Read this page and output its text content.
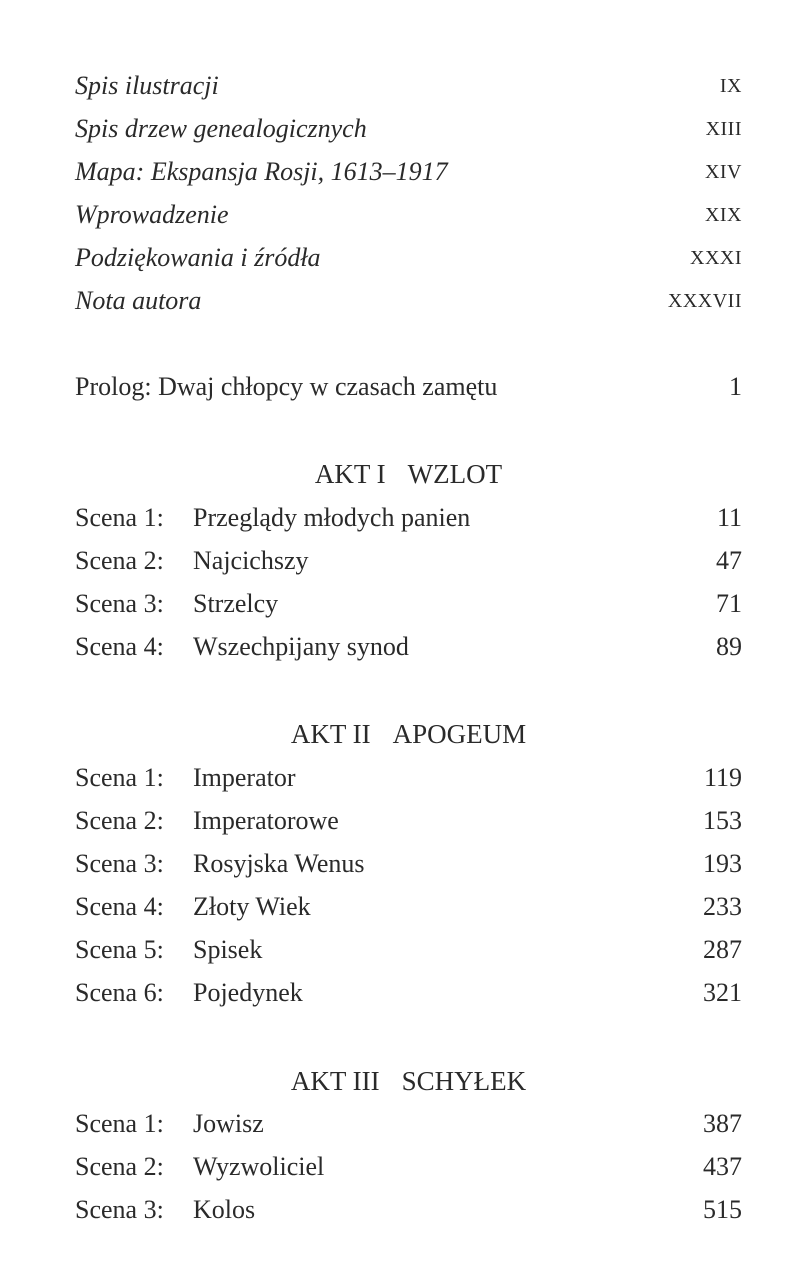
Spis ilustracji	IX
Spis drzew genealogicznych	XIII
Mapa: Ekspansja Rosji, 1613–1917	XIV
Wprowadzenie	XIX
Podziękowania i źródła	XXXI
Nota autora	XXXVII
Prolog: Dwaj chłopcy w czasach zamętu	1
AKT I WZLOT
Scena 1: Przeglądy młodych panien	11
Scena 2: Najcichszy	47
Scena 3: Strzelcy	71
Scena 4: Wszechpijany synod	89
AKT II APOGEUM
Scena 1: Imperator	119
Scena 2: Imperatorowe	153
Scena 3: Rosyjska Wenus	193
Scena 4: Złoty Wiek	233
Scena 5: Spisek	287
Scena 6: Pojedynek	321
AKT III SCHYŁEK
Scena 1: Jowisz	387
Scena 2: Wyzwoliciel	437
Scena 3: Kolos	515
